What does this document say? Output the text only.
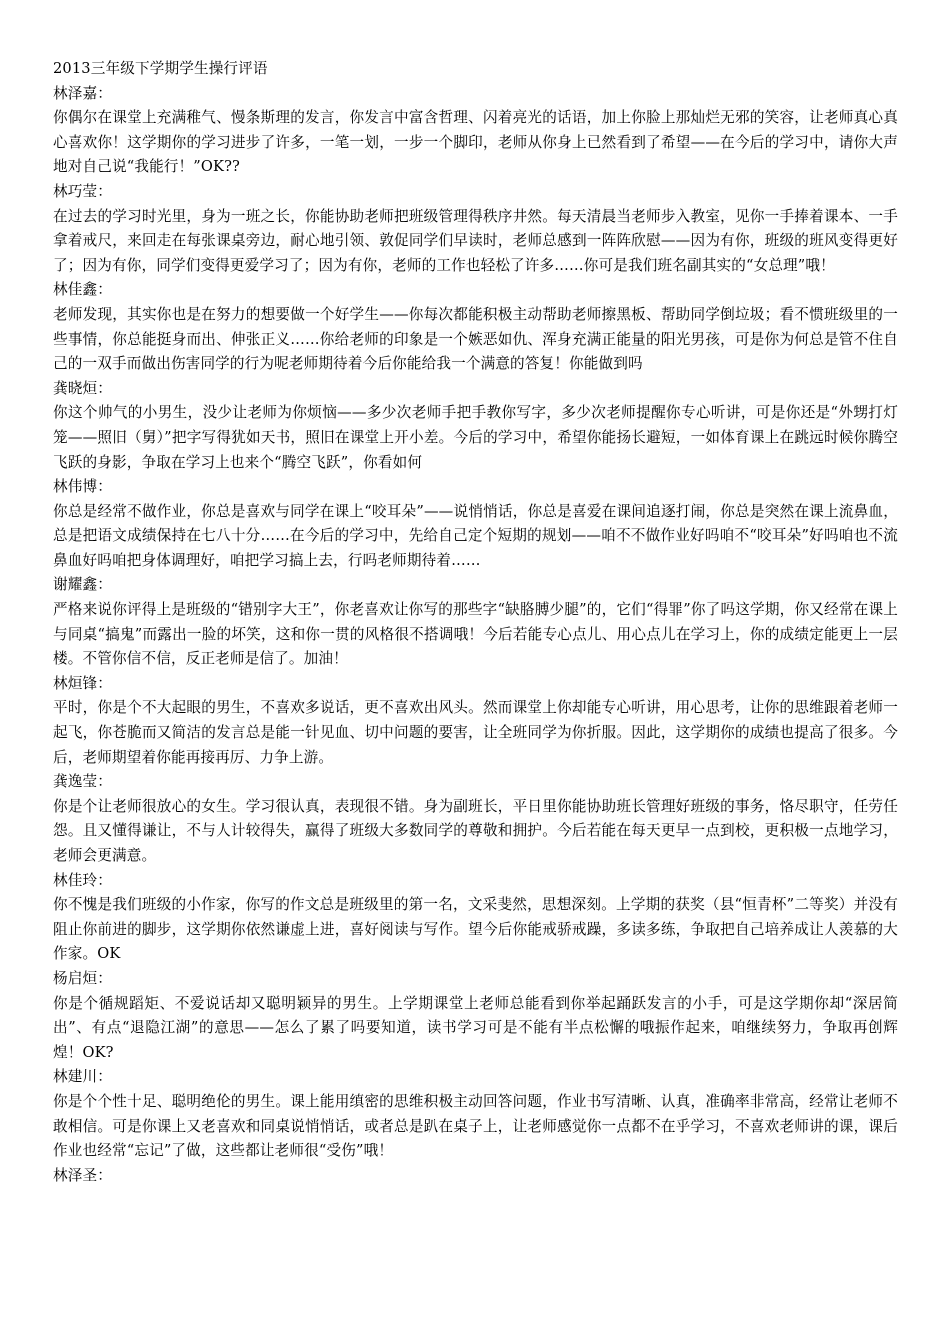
2013三年级下学期学生操行评语

林泽嘉：

你偶尔在课堂上充满稚气、慢条斯理的发言，你发言中富含哲理、闪着亮光的话语，加上你脸上那灿烂无邪的笑容，让老师真心真心喜欢你！这学期你的学习进步了许多，一笔一划，一步一个脚印，老师从你身上已然看到了希望——在今后的学习中，请你大声地对自己说“我能行！”OK??

林巧莹：

在过去的学习时光里，身为一班之长，你能协助老师把班级管理得秩序井然。每天清晨当老师步入教室，见你一手捧着课本、一手拿着戒尺，来回走在每张课桌旁边，耐心地引领、敦促同学们早读时，老师总感到一阵阵欣慰——因为有你，班级的班风变得更好了；因为有你，同学们变得更爱学习了；因为有你，老师的工作也轻松了许多……你可是我们班名副其实的“女总理”哦！

林佳鑫：

老师发现，其实你也是在努力的想要做一个好学生——你每次都能积极主动帮助老师擦黑板、帮助同学倒垃圾；看不惯班级里的一些事情，你总能挺身而出、伸张正义……你给老师的印象是一个嫉恶如仇、浑身充满正能量的阳光男孩，可是你为何总是管不住自己的一双手而做出伤害同学的行为呢老师期待着今后你能给我一个满意的答复！你能做到吗

龚晓烜：

你这个帅气的小男生，没少让老师为你烦恼——多少次老师手把手教你写字，多少次老师提醒你专心听讲，可是你还是“外甥打灯笼——照旧（舅）”把字写得犹如天书，照旧在课堂上开小差。今后的学习中，希望你能扬长避短，一如体育课上在跳远时候你腾空飞跃的身影，争取在学习上也来个“腾空飞跃”，你看如何

林伟博：

你总是经常不做作业，你总是喜欢与同学在课上“咬耳朵”——说悄悄话，你总是喜爱在课间追逐打闹，你总是突然在课上流鼻血，总是把语文成绩保持在七八十分……在今后的学习中，先给自己定个短期的规划——咱不不做作业好吗咱不“咬耳朵”好吗咱也不流鼻血好吗咱把身体调理好，咱把学习搞上去，行吗老师期待着……

谢耀鑫：

严格来说你评得上是班级的“错别字大王”，你老喜欢让你写的那些字“缺胳膊少腿”的，它们“得罪”你了吗这学期，你又经常在课上与同桌“搞鬼”而露出一脸的坏笑，这和你一贯的风格很不搭调哦！今后若能专心点儿、用心点儿在学习上，你的成绩定能更上一层楼。不管你信不信，反正老师是信了。加油！

林烜锋：

平时，你是个不大起眼的男生，不喜欢多说话，更不喜欢出风头。然而课堂上你却能专心听讲，用心思考，让你的思维跟着老师一起飞，你苍脆而又简洁的发言总是能一针见血、切中问题的要害，让全班同学为你折服。因此，这学期你的成绩也提高了很多。今后，老师期望着你能再接再厉、力争上游。

龚逸莹：

你是个让老师很放心的女生。学习很认真，表现很不错。身为副班长，平日里你能协助班长管理好班级的事务，恪尽职守，任劳任怨。且又懂得谦让，不与人计较得失，赢得了班级大多数同学的尊敬和拥护。今后若能在每天更早一点到校，更积极一点地学习，老师会更满意。

林佳玲：

你不愧是我们班级的小作家，你写的作文总是班级里的第一名，文采斐然，思想深刻。上学期的获奖（县“恒青杯”二等奖）并没有阻止你前进的脚步，这学期你依然谦虚上进，喜好阅读与写作。望今后你能戒骄戒躁，多读多练，争取把自己培养成让人羡慕的大作家。OK

杨启烜：

你是个循规蹈矩、不爱说话却又聪明颖异的男生。上学期课堂上老师总能看到你举起踊跃发言的小手，可是这学期你却“深居简出”、有点“退隐江湖”的意思——怎么了累了吗要知道，读书学习可是不能有半点松懈的哦振作起来，咱继续努力，争取再创辉煌！OK?

林建川：

你是个个性十足、聪明绝伦的男生。课上能用缜密的思维积极主动回答问题，作业书写清晰、认真，准确率非常高，经常让老师不敢相信。可是你课上又老喜欢和同桌说悄悄话，或者总是趴在桌子上，让老师感觉你一点都不在乎学习，不喜欢老师讲的课，课后作业也经常“忘记”了做，这些都让老师很“受伤”哦！

林泽圣：
